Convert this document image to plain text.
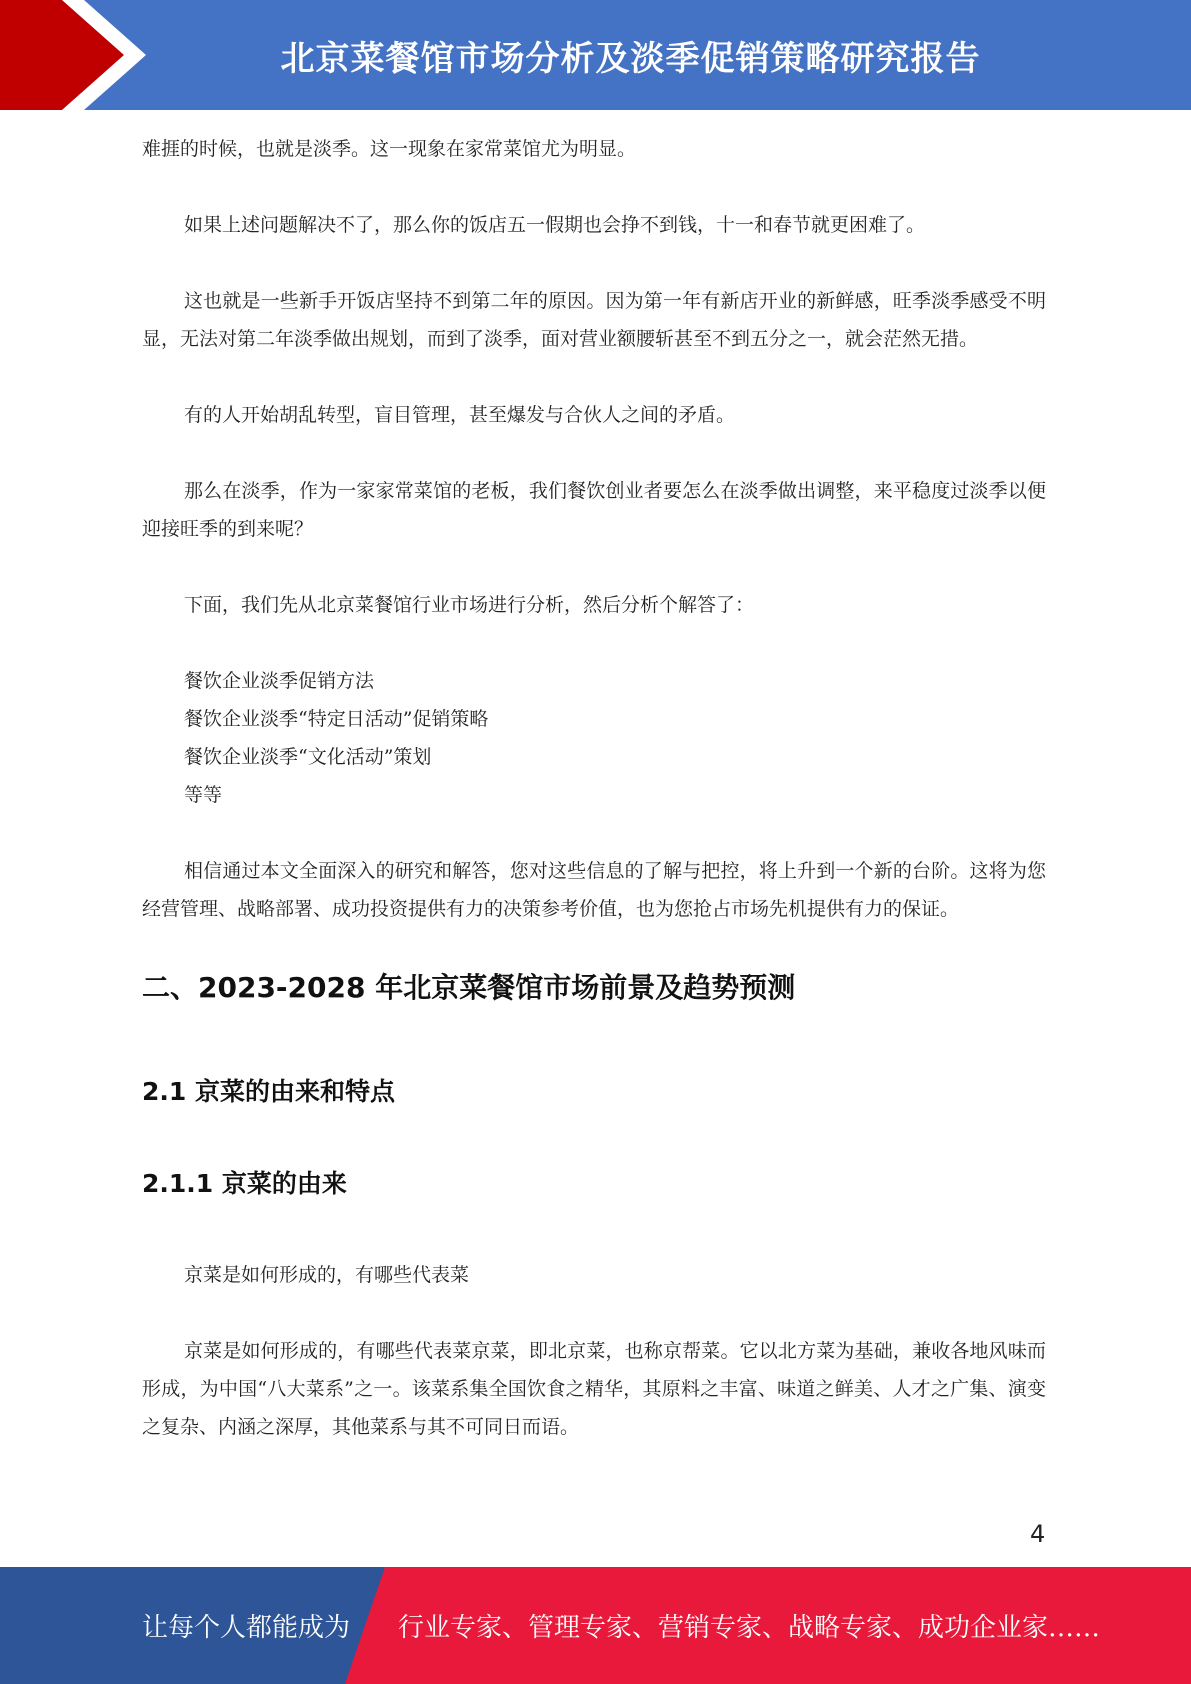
北京菜餐馆市场分析及淡季促销策略研究报告

难捱的时候，也就是淡季。这一现象在家常菜馆尤为明显。

如果上述问题解决不了，那么你的饭店五一假期也会挣不到钱，十一和春节就更困难了。

这也就是一些新手开饭店坚持不到第二年的原因。因为第一年有新店开业的新鲜感，旺季淡季感受不明显，无法对第二年淡季做出规划，而到了淡季，面对营业额腰斩甚至不到五分之一，就会茫然无措。

有的人开始胡乱转型，盲目管理，甚至爆发与合伙人之间的矛盾。

那么在淡季，作为一家家常菜馆的老板，我们餐饮创业者要怎么在淡季做出调整，来平稳度过淡季以便迎接旺季的到来呢？

下面，我们先从北京菜餐馆行业市场进行分析，然后分析个解答了：

餐饮企业淡季促销方法
餐饮企业淡季“特定日活动”促销策略
餐饮企业淡季“文化活动”策划
等等

相信通过本文全面深入的研究和解答，您对这些信息的了解与把控，将上升到一个新的台阶。这将为您经营管理、战略部署、成功投资提供有力的决策参考价值，也为您抢占市场先机提供有力的保证。

二、2023-2028 年北京菜餐馆市场前景及趋势预测
2.1 京菜的由来和特点
2.1.1 京菜的由来

京菜是如何形成的，有哪些代表菜

京菜是如何形成的，有哪些代表菜京菜，即北京菜，也称京帮菜。它以北方菜为基础，兼收各地风味而形成，为中国“八大菜系”之一。该菜系集全国饮食之精华，其原料之丰富、味道之鲜美、人才之广集、演变之复杂、内涵之深厚，其他菜系与其不可同日而语。

4
让每个人都能成为 行业专家、管理专家、营销专家、战略专家、成功企业家……
